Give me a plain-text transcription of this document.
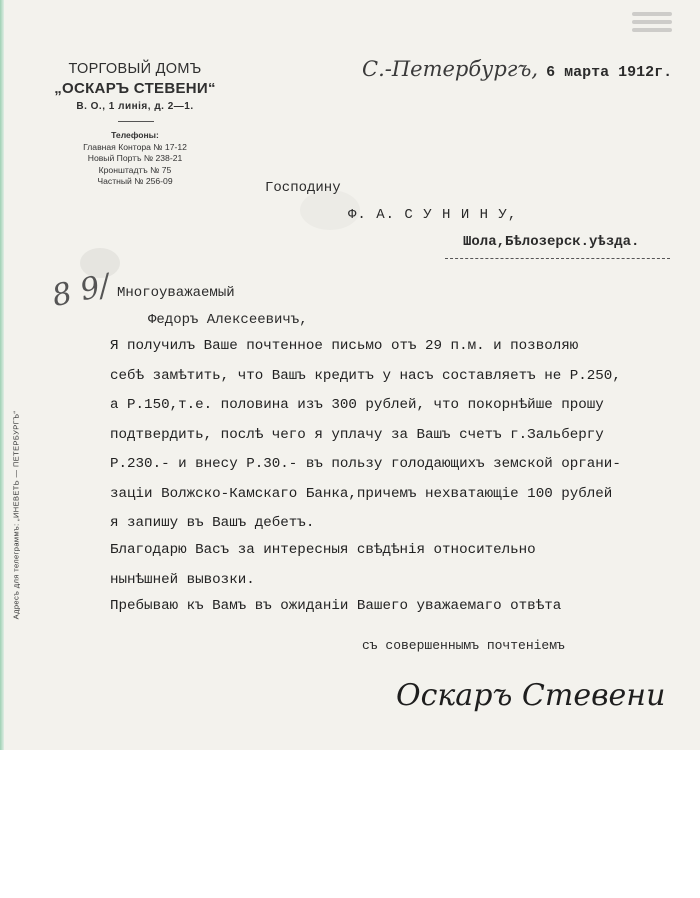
ТОРГОВЫЙ ДОМЪ
„ОСКАРЪ СТЕВЕНИ“
В. О., 1 линія, д. 2—1.
Телефоны:
Главная Контора № 17-12
Новый Портъ № 238-21
Кронштадтъ № 75
Частный № 256-09
Адресъ для телеграммъ: „ИНЕВЕТЬ — ПЕТЕРБУРГЪ“
С.-Петербургъ, 6 марта 1912г.
Господину
Ф. А. С У Н И Н У,
Шола,Бѣлозерск.уѣзда.
8 9/ Многоуважаемый
Федоръ Алексеевичъ,

Я получилъ Ваше почтенное письмо отъ 29 п.м. и позволяю

себѣ замѣтить, что Вашъ кредитъ у насъ составляетъ не Р.250,

а Р.150,т.е. половина изъ 300 рублей, что покорнѣйше прошу

подтвердить, послѣ чего я уплачу за Вашъ счетъ г.Зальбергу

Р.230.- и внесу Р.30.- въ пользу голодающихъ земской органи-

заціи Волжско-Камскаго Банка,причемъ нехватающіе 100 рублей

я запишу въ Вашъ дебетъ.

Благодарю Васъ за интересныя свѣдѣнія относительно

нынѣшней вывозки.

Пребываю къ Вамъ въ ожиданіи Вашего уважаемаго отвѣта

съ совершеннымъ почтеніемъ
Оскаръ Стевени
